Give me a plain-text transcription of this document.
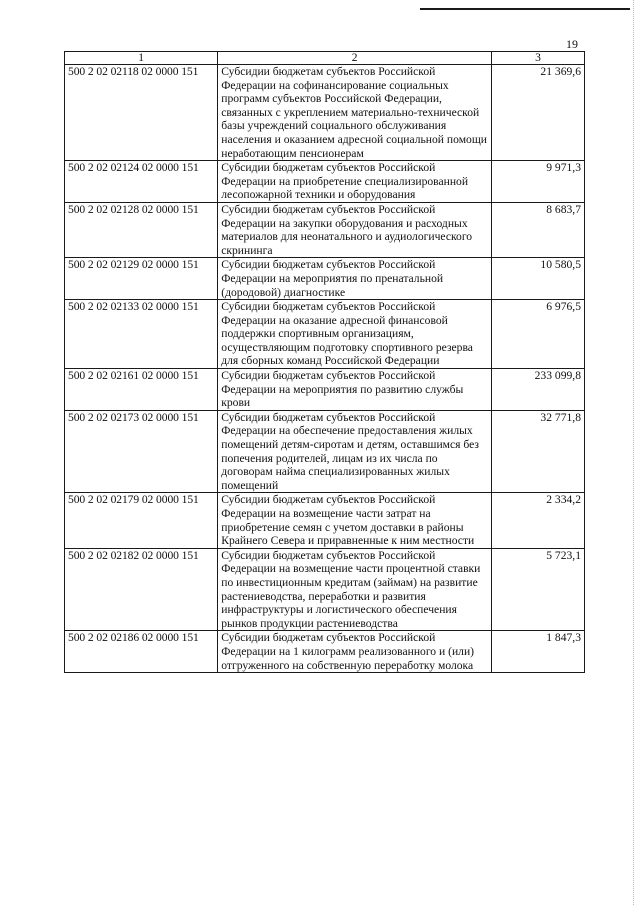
19
1	2	3
500 2 02 02118 02 0000 151	Субсидии бюджетам субъектов Российской Федерации на софинансирование социальных программ субъектов Российской Федерации, связанных с укреплением материально-технической базы учреждений социального обслуживания населения и оказанием адресной социальной помощи неработающим пенсионерам	21 369,6
500 2 02 02124 02 0000 151	Субсидии бюджетам субъектов Российской Федерации на приобретение специализированной лесопожарной техники и оборудования	9 971,3
500 2 02 02128 02 0000 151	Субсидии бюджетам субъектов Российской Федерации на закупки оборудования и расходных материалов для неонатального и аудиологического скрининга	8 683,7
500 2 02 02129 02 0000 151	Субсидии бюджетам субъектов Российской Федерации на мероприятия по пренатальной (дородовой) диагностике	10 580,5
500 2 02 02133 02 0000 151	Субсидии бюджетам субъектов Российской Федерации на оказание адресной финансовой поддержки спортивным организациям, осуществляющим подготовку спортивного резерва для сборных команд Российской Федерации	6 976,5
500 2 02 02161 02 0000 151	Субсидии бюджетам субъектов Российской Федерации на мероприятия по развитию службы крови	233 099,8
500 2 02 02173 02 0000 151	Субсидии бюджетам субъектов Российской Федерации на обеспечение предоставления жилых помещений детям-сиротам и детям, оставшимся без попечения родителей, лицам из их числа по договорам найма специализированных жилых помещений	32 771,8
500 2 02 02179 02 0000 151	Субсидии бюджетам субъектов Российской Федерации на возмещение части затрат на приобретение семян с учетом доставки в районы Крайнего Севера и приравненные к ним местности	2 334,2
500 2 02 02182 02 0000 151	Субсидии бюджетам субъектов Российской Федерации на возмещение части процентной ставки по инвестиционным кредитам (займам) на развитие растениеводства, переработки и развития инфраструктуры и логистического обеспечения рынков продукции растениеводства	5 723,1
500 2 02 02186 02 0000 151	Субсидии бюджетам субъектов Российской Федерации на 1 килограмм реализованного и (или) отгруженного на собственную переработку молока	1 847,3
